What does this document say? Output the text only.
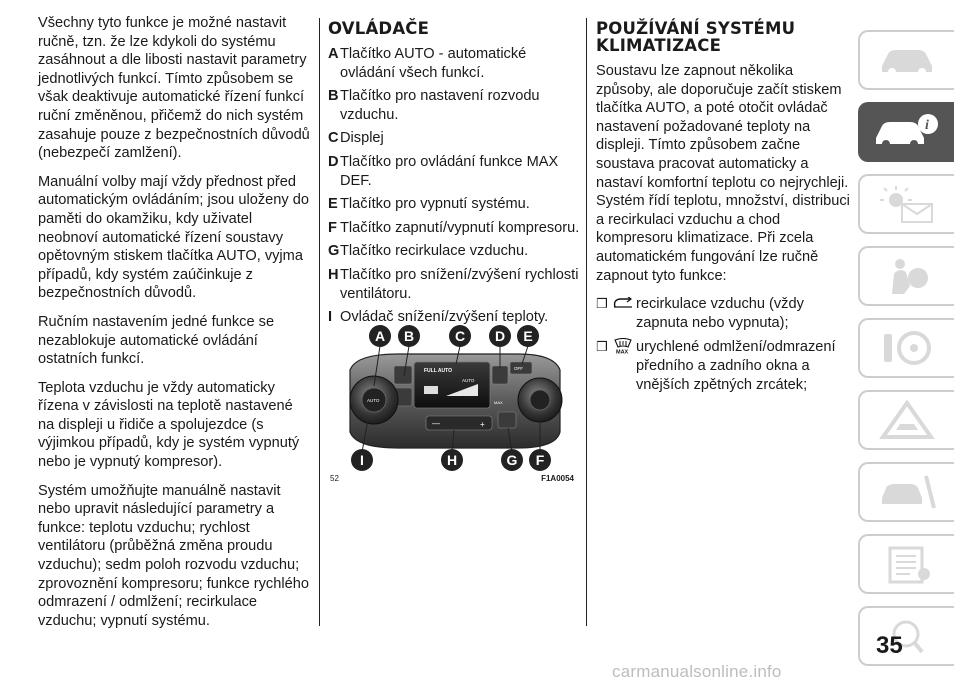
Všechny tyto funkce je možné nastavit ručně, tzn. že lze kdykoli do systému zasáhnout a dle libosti nastavit parametry jednotlivých funkcí. Tímto způsobem se však deaktivuje automatické řízení funkcí ruční změněnou, přičemž do nich systém zasahuje pouze z bezpečnostních důvodů (nebezpečí zamlžení).

Manuální volby mají vždy přednost před automatickým ovládáním; jsou uloženy do paměti do okamžiku, kdy uživatel neobnoví automatické řízení soustavy opětovným stiskem tlačítka AUTO, vyjma případů, kdy systém zaúčinkuje z bezpečnostních důvodů.

Ručním nastavením jedné funkce se nezablokuje automatické ovládání ostatních funkcí.

Teplota vzduchu je vždy automaticky řízena v závislosti na teplotě nastavené na displeji u řidiče a spolujezdce (s výjimkou případů, kdy je systém vypnutý nebo je vypnutý kompresor).

Systém umožňujte manuálně nastavit nebo upravit následující parametry a funkce: teplotu vzduchu; rychlost ventilátoru (průběžná změna proudu vzduchu); sedm poloh rozvodu vzduchu; zprovoznění kompresoru; funkce rychlého odmrazení / odmlžení; recirkulace vzduchu; vypnutí systému.

OVLÁDAČE
A Tlačítko AUTO - automatické ovládání všech funkcí.
B Tlačítko pro nastavení rozvodu vzduchu.
C Displej
D Tlačítko pro ovládání funkce MAX DEF.
E Tlačítko pro vypnutí systému.
F Tlačítko zapnutí/vypnutí kompresoru.
G Tlačítko recirkulace vzduchu.
H Tlačítko pro snížení/zvýšení rychlosti ventilátoru.
I Ovládač snížení/zvýšení teploty.
FULL AUTO
AUTO
MAX
OFF
—	+
AUTO
A B	C D E
I	H	G F
52	F1A0054
POUŽÍVÁNÍ SYSTÉMU
KLIMATIZACE

Soustavu lze zapnout několika způsoby, ale doporučuje začít stiskem tlačítka AUTO, a poté otočit ovládač nastavení požadované teploty na displeji. Tímto způsobem začne soustava pracovat automaticky a nastaví komfortní teplotu co nejrychleji. Systém řídí teplotu, množství, distribuci a recirkulaci vzduchu a chod kompresoru klimatizace. Při zcela automatickém fungování lze ručně zapnout tyto funkce:

❒ recirkulace vzduchu (vždy zapnuta nebo vypnuta);
❒	MAX urychlené odmlžení/odmrazení předního a zadního okna a vnějších zpětných zrcátek;
i
35
carmanualsonline.info
